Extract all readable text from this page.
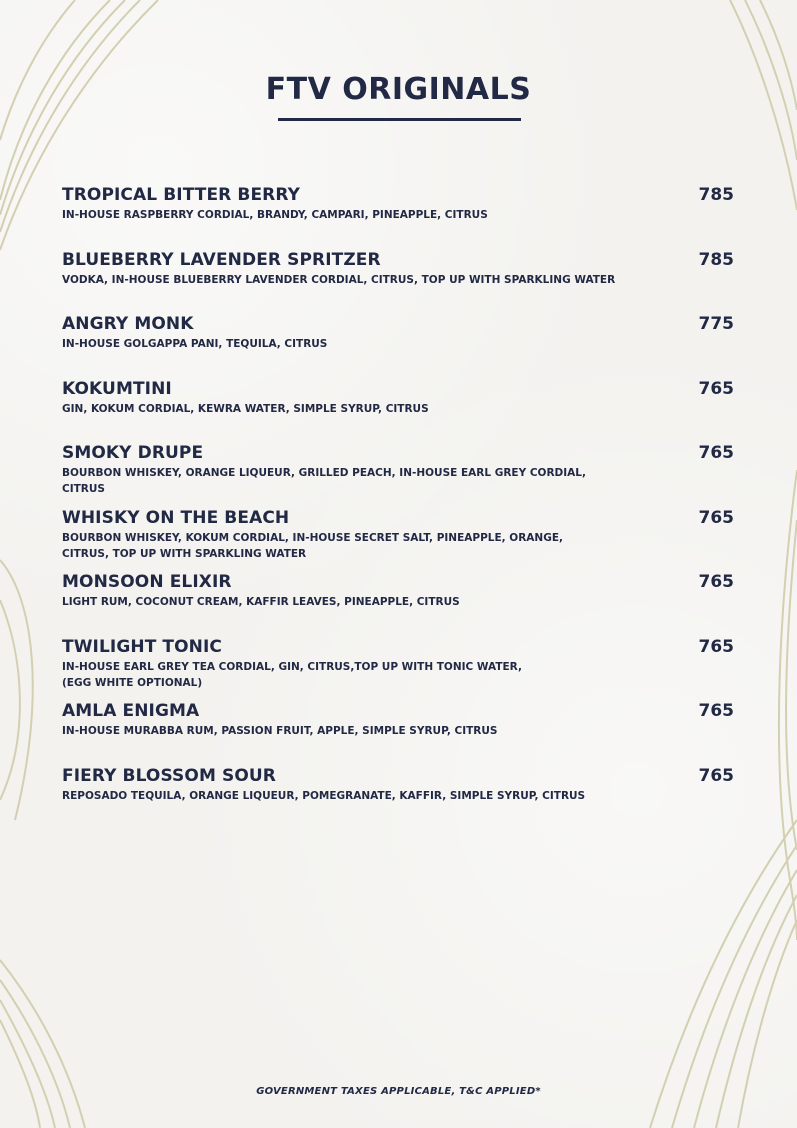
FTV ORIGINALS
TROPICAL BITTER BERRY	785
IN-HOUSE RASPBERRY CORDIAL, BRANDY, CAMPARI, PINEAPPLE, CITRUS
BLUEBERRY LAVENDER SPRITZER	785
VODKA, IN-HOUSE BLUEBERRY LAVENDER CORDIAL, CITRUS, TOP UP WITH SPARKLING WATER
ANGRY MONK	775
IN-HOUSE GOLGAPPA PANI, TEQUILA, CITRUS
KOKUMTINI	765
GIN, KOKUM CORDIAL, KEWRA WATER, SIMPLE SYRUP, CITRUS
SMOKY DRUPE	765
BOURBON WHISKEY, ORANGE LIQUEUR, GRILLED PEACH, IN-HOUSE EARL GREY CORDIAL, CITRUS
WHISKY ON THE BEACH	765
BOURBON WHISKEY, KOKUM CORDIAL, IN-HOUSE SECRET SALT, PINEAPPLE, ORANGE, CITRUS, TOP UP WITH SPARKLING WATER
MONSOON ELIXIR	765
LIGHT RUM, COCONUT CREAM, KAFFIR LEAVES, PINEAPPLE, CITRUS
TWILIGHT TONIC	765
IN-HOUSE EARL GREY TEA CORDIAL, GIN, CITRUS,TOP UP WITH TONIC WATER, (EGG WHITE OPTIONAL)
AMLA ENIGMA	765
IN-HOUSE MURABBA RUM, PASSION FRUIT, APPLE, SIMPLE SYRUP, CITRUS
FIERY BLOSSOM SOUR	765
REPOSADO TEQUILA, ORANGE LIQUEUR, POMEGRANATE, KAFFIR, SIMPLE SYRUP, CITRUS
GOVERNMENT TAXES APPLICABLE, T&C APPLIED*
